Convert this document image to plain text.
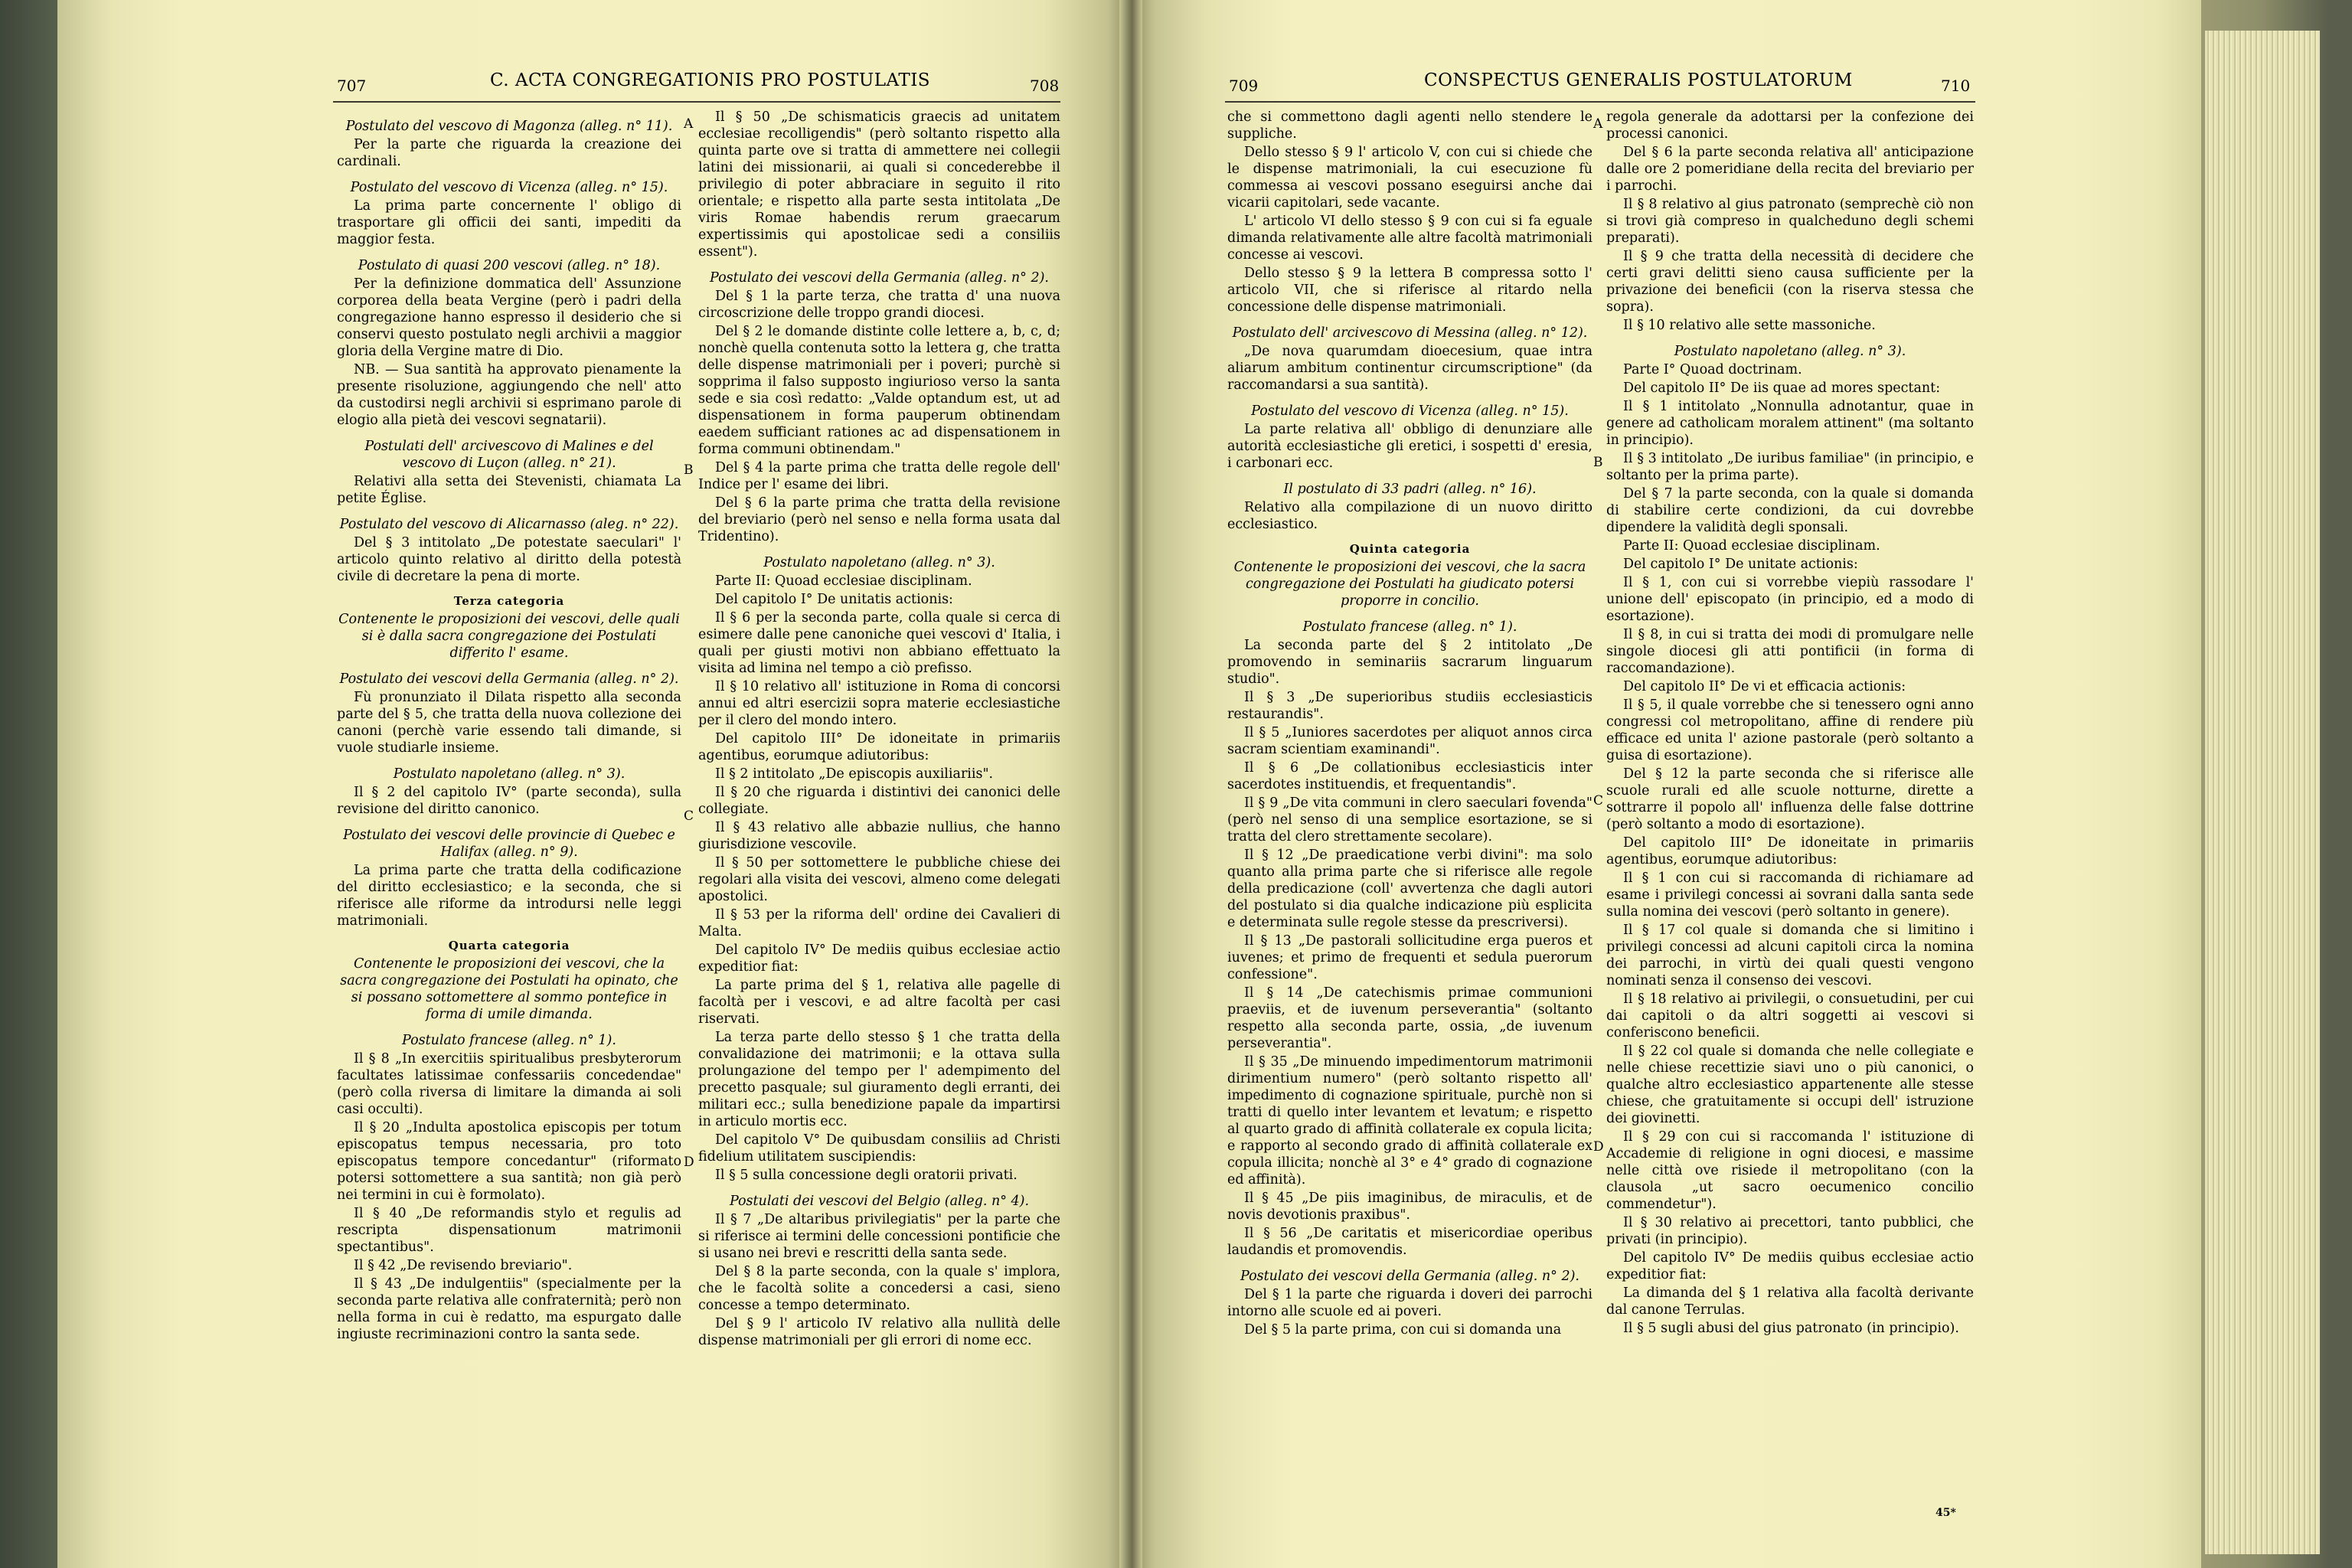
707	C. ACTA CONGREGATIONIS PRO POSTULATIS	708	709	CONSPECTUS GENERALIS POSTULATORUM	710

Postulato del vescovo di Magonza (alleg. n° 11).

Per la parte che riguarda la creazione dei cardinali.

Postulato del vescovo di Vicenza (alleg. n° 15).

La prima parte concernente l' obligo di trasportare gli officii dei santi, impediti da maggior festa.

Postulato di quasi 200 vescovi (alleg. n° 18).

Per la definizione dommatica dell' Assunzione corporea della beata Vergine (però i padri della congregazione hanno espresso il desiderio che si conservi questo postulato negli archivii a maggior gloria della Vergine matre di Dio.

NB. — Sua santità ha approvato pienamente la presente risoluzione, aggiungendo che nell' atto da custodirsi negli archivii si esprimano parole di elogio alla pietà dei vescovi segnatarii).

Postulati dell' arcivescovo di Malines e del vescovo di Luçon (alleg. n° 21).

Relativi alla setta dei Stevenisti, chiamata La petite Église.

Postulato del vescovo di Alicarnasso (aleg. n° 22).

Del § 3 intitolato „De potestate saeculari" l' articolo quinto relativo al diritto della potestà civile di decretare la pena di morte.

Terza categoria

Contenente le proposizioni dei vescovi, delle quali si è dalla sacra congregazione dei Postulati differito l' esame.

Postulato dei vescovi della Germania (alleg. n° 2).

Fù pronunziato il Dilata rispetto alla seconda parte del § 5, che tratta della nuova collezione dei canoni (perchè varie essendo tali dimande, si vuole studiarle insieme.

Postulato napoletano (alleg. n° 3).

Il § 2 del capitolo IV° (parte seconda), sulla revisione del diritto canonico.

Postulato dei vescovi delle provincie di Quebec e Halifax (alleg. n° 9).

La prima parte che tratta della codificazione del diritto ecclesiastico; e la seconda, che si riferisce alle riforme da introdursi nelle leggi matrimoniali.

Quarta categoria

Contenente le proposizioni dei vescovi, che la sacra congregazione dei Postulati ha opinato, che si possano sottomettere al sommo pontefice in forma di umile dimanda.

Postulato francese (alleg. n° 1).

Il § 8 „In exercitiis spiritualibus presbyterorum facultates latissimae confessariis concedendae" (però colla riversa di limitare la dimanda ai soli casi occulti).

Il § 20 „Indulta apostolica episcopis per totum episcopatus tempus necessaria, pro toto episcopatus tempore concedantur" (riformato potersi sottomettere a sua santità; non già però nei termini in cui è formolato).

Il § 40 „De reformandis stylo et regulis ad rescripta dispensationum matrimonii spectantibus".

Il § 42 „De revisendo breviario".

Il § 43 „De indulgentiis" (specialmente per la seconda parte relativa alle confraternità; però non nella forma in cui è redatto, ma espurgato dalle ingiuste recriminazioni contro la santa sede.

Il § 50 „De schismaticis graecis ad unitatem ecclesiae recolligendis" (però soltanto rispetto alla quinta parte ove si tratta di ammettere nei collegii latini dei missionarii, ai quali si concederebbe il privilegio di poter abbraciare in seguito il rito orientale; e rispetto alla parte sesta intitolata „De viris Romae habendis rerum graecarum expertissimis qui apostolicae sedi a consiliis essent").

Postulato dei vescovi della Germania (alleg. n° 2).

Del § 1 la parte terza, che tratta d' una nuova circoscrizione delle troppo grandi diocesi.

Del § 2 le domande distinte colle lettere a, b, c, d; nonchè quella contenuta sotto la lettera g, che tratta delle dispense matrimoniali per i poveri; purchè si sopprima il falso supposto ingiurioso verso la santa sede e sia così redatto: „Valde optandum est, ut ad dispensationem in forma pauperum obtinendam eaedem sufficiant rationes ac ad dispensationem in forma communi obtinendam."

Del § 4 la parte prima che tratta delle regole dell' Indice per l' esame dei libri.

Del § 6 la parte prima che tratta della revisione del breviario (però nel senso e nella forma usata dal Tridentino).

Postulato napoletano (alleg. n° 3).

Parte II: Quoad ecclesiae disciplinam.

Del capitolo I° De unitatis actionis:

Il § 6 per la seconda parte, colla quale si cerca di esimere dalle pene canoniche quei vescovi d' Italia, i quali per giusti motivi non abbiano effettuato la visita ad limina nel tempo a ciò prefisso.

Il § 10 relativo all' istituzione in Roma di concorsi annui ed altri esercizii sopra materie ecclesiastiche per il clero del mondo intero.

Del capitolo III° De idoneitate in primariis agentibus, eorumque adiutoribus:

Il § 2 intitolato „De episcopis auxiliariis".

Il § 20 che riguarda i distintivi dei canonici delle collegiate.

Il § 43 relativo alle abbazie nullius, che hanno giurisdizione vescovile.

Il § 50 per sottomettere le pubbliche chiese dei regolari alla visita dei vescovi, almeno come delegati apostolici.

Il § 53 per la riforma dell' ordine dei Cavalieri di Malta.

Del capitolo IV° De mediis quibus ecclesiae actio expeditior fiat:

La parte prima del § 1, relativa alle pagelle di facoltà per i vescovi, e ad altre facoltà per casi riservati.

La terza parte dello stesso § 1 che tratta della convalidazione dei matrimonii; e la ottava sulla prolungazione del tempo per l' adempimento del precetto pasquale; sul giuramento degli erranti, dei militari ecc.; sulla benedizione papale da impartirsi in articulo mortis ecc.

Del capitolo V° De quibusdam consiliis ad Christi fidelium utilitatem suscipiendis:

Il § 5 sulla concessione degli oratorii privati.

Postulati dei vescovi del Belgio (alleg. n° 4).

Il § 7 „De altaribus privilegiatis" per la parte che si riferisce ai termini delle concessioni pontificie che si usano nei brevi e rescritti della santa sede.

Del § 8 la parte seconda, con la quale s' implora, che le facoltà solite a concedersi a casi, sieno concesse a tempo determinato.

Del § 9 l' articolo IV relativo alla nullità delle dispense matrimoniali per gli errori di nome ecc.

che si commettono dagli agenti nello stendere le suppliche.

Dello stesso § 9 l' articolo V, con cui si chiede che le dispense matrimoniali, la cui esecuzione fù commessa ai vescovi possano eseguirsi anche dai vicarii capitolari, sede vacante.

L' articolo VI dello stesso § 9 con cui si fa eguale dimanda relativamente alle altre facoltà matrimoniali concesse ai vescovi.

Dello stesso § 9 la lettera B compressa sotto l' articolo VII, che si riferisce al ritardo nella concessione delle dispense matrimoniali.

Postulato dell' arcivescovo di Messina (alleg. n° 12).

„De nova quarumdam dioecesium, quae intra aliarum ambitum continentur circumscriptione" (da raccomandarsi a sua santità).

Postulato del vescovo di Vicenza (alleg. n° 15).

La parte relativa all' obbligo di denunziare alle autorità ecclesiastiche gli eretici, i sospetti d' eresia, i carbonari ecc.

Il postulato di 33 padri (alleg. n° 16).

Relativo alla compilazione di un nuovo diritto ecclesiastico.

Quinta categoria

Contenente le proposizioni dei vescovi, che la sacra congregazione dei Postulati ha giudicato potersi proporre in concilio.

Postulato francese (alleg. n° 1).

La seconda parte del § 2 intitolato „De promovendo in seminariis sacrarum linguarum studio".

Il § 3 „De superioribus studiis ecclesiasticis restaurandis".

Il § 5 „Iuniores sacerdotes per aliquot annos circa sacram scientiam examinandi".

Il § 6 „De collationibus ecclesiasticis inter sacerdotes instituendis, et frequentandis".

Il § 9 „De vita communi in clero saeculari fovenda" (però nel senso di una semplice esortazione, se si tratta del clero strettamente secolare).

Il § 12 „De praedicatione verbi divini": ma solo quanto alla prima parte che si riferisce alle regole della predicazione (coll' avvertenza che dagli autori del postulato si dia qualche indicazione più esplicita e determinata sulle regole stesse da prescriversi).

Il § 13 „De pastorali sollicitudine erga pueros et iuvenes; et primo de frequenti et sedula puerorum confessione".

Il § 14 „De catechismis primae communioni praeviis, et de iuvenum perseverantia" (soltanto respetto alla seconda parte, ossia, „de iuvenum perseverantia".

Il § 35 „De minuendo impedimentorum matrimonii dirimentium numero" (però soltanto rispetto all' impedimento di cognazione spirituale, purchè non si tratti di quello inter levantem et levatum; e rispetto al quarto grado di affinità collaterale ex copula licita; e rapporto al secondo grado di affinità collaterale ex copula illicita; nonchè al 3° e 4° grado di cognazione ed affinità).

Il § 45 „De piis imaginibus, de miraculis, et de novis devotionis praxibus".

Il § 56 „De caritatis et misericordiae operibus laudandis et promovendis.

Postulato dei vescovi della Germania (alleg. n° 2).

Del § 1 la parte che riguarda i doveri dei parrochi intorno alle scuole ed ai poveri.

Del § 5 la parte prima, con cui si domanda una

regola generale da adottarsi per la confezione dei processi canonici.

Del § 6 la parte seconda relativa all' anticipazione dalle ore 2 pomeridiane della recita del breviario per i parrochi.

Il § 8 relativo al gius patronato (semprechè ciò non si trovi già compreso in qualcheduno degli schemi preparati).

Il § 9 che tratta della necessità di decidere che certi gravi delitti sieno causa sufficiente per la privazione dei beneficii (con la riserva stessa che sopra).

Il § 10 relativo alle sette massoniche.

Postulato napoletano (alleg. n° 3).

Parte I° Quoad doctrinam.

Del capitolo II° De iis quae ad mores spectant:

Il § 1 intitolato „Nonnulla adnotantur, quae in genere ad catholicam moralem attinent" (ma soltanto in principio).

Il § 3 intitolato „De iuribus familiae" (in principio, e soltanto per la prima parte).

Del § 7 la parte seconda, con la quale si domanda di stabilire certe condizioni, da cui dovrebbe dipendere la validità degli sponsali.

Parte II: Quoad ecclesiae disciplinam.

Del capitolo I° De unitate actionis:

Il § 1, con cui si vorrebbe viepiù rassodare l' unione dell' episcopato (in principio, ed a modo di esortazione).

Il § 8, in cui si tratta dei modi di promulgare nelle singole diocesi gli atti pontificii (in forma di raccomandazione).

Del capitolo II° De vi et efficacia actionis:

Il § 5, il quale vorrebbe che si tenessero ogni anno congressi col metropolitano, affine di rendere più efficace ed unita l' azione pastorale (però soltanto a guisa di esortazione).

Del § 12 la parte seconda che si riferisce alle scuole rurali ed alle scuole notturne, dirette a sottrarre il popolo all' influenza delle false dottrine (però soltanto a modo di esortazione).

Del capitolo III° De idoneitate in primariis agentibus, eorumque adiutoribus:

Il § 1 con cui si raccomanda di richiamare ad esame i privilegi concessi ai sovrani dalla santa sede sulla nomina dei vescovi (però soltanto in genere).

Il § 17 col quale si domanda che si limitino i privilegi concessi ad alcuni capitoli circa la nomina dei parrochi, in virtù dei quali questi vengono nominati senza il consenso dei vescovi.

Il § 18 relativo ai privilegii, o consuetudini, per cui dai capitoli o da altri soggetti ai vescovi si conferiscono beneficii.

Il § 22 col quale si domanda che nelle collegiate e nelle chiese recettizie siavi uno o più canonici, o qualche altro ecclesiastico appartenente alle stesse chiese, che gratuitamente si occupi dell' istruzione dei giovinetti.

Il § 29 con cui si raccomanda l' istituzione di Accademie di religione in ogni diocesi, e massime nelle città ove risiede il metropolitano (con la clausola „ut sacro oecumenico concilio commendetur").

Il § 30 relativo ai precettori, tanto pubblici, che privati (in principio).

Del capitolo IV° De mediis quibus ecclesiae actio expeditior fiat:

La dimanda del § 1 relativa alla facoltà derivante dal canone Terrulas.

Il § 5 sugli abusi del gius patronato (in principio).

A
B
C
D
A
B
C
D
45*
